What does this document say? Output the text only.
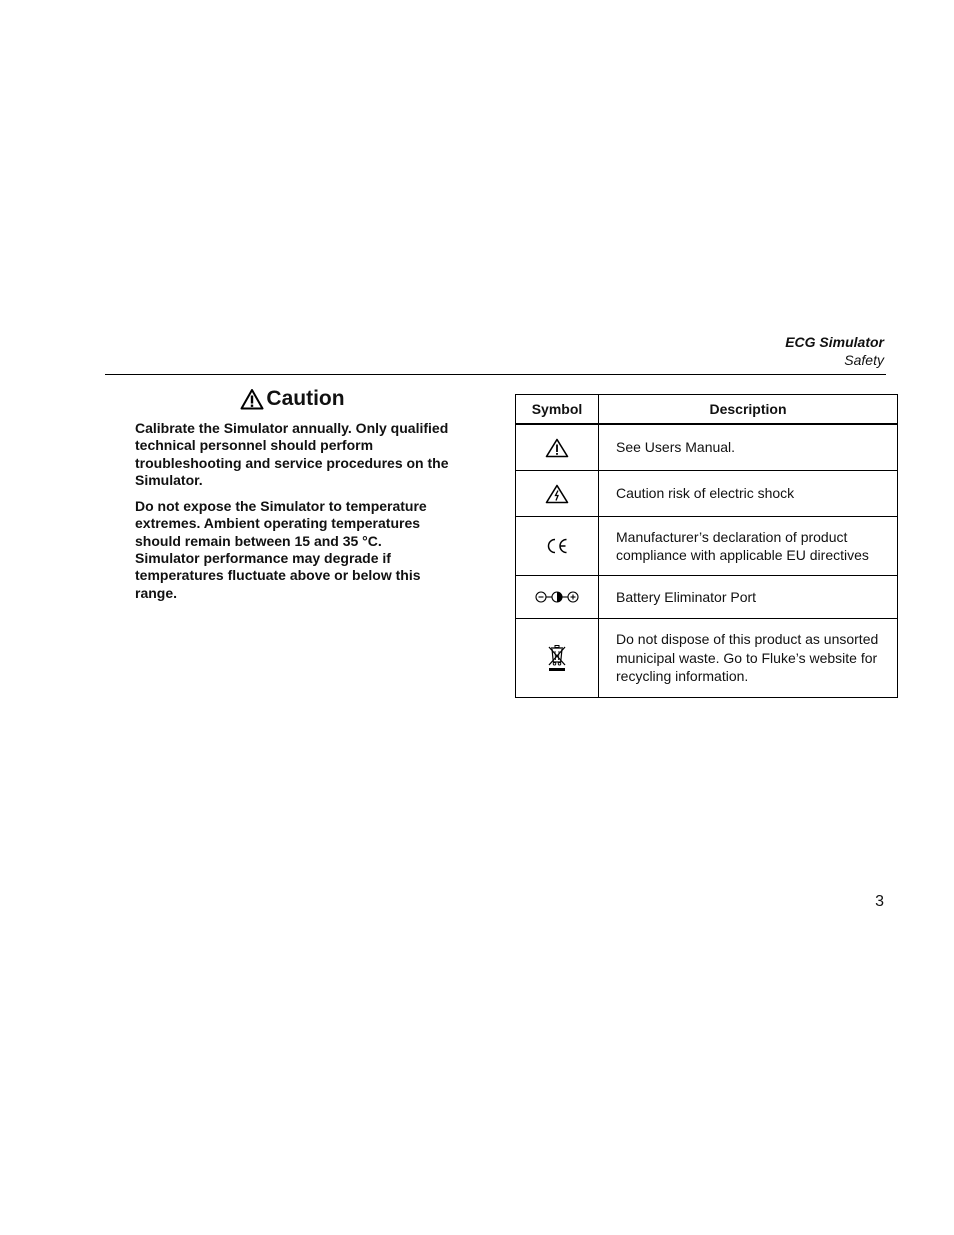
ECG Simulator
Safety
Caution

Calibrate the Simulator annually. Only qualified technical personnel should perform troubleshooting and service procedures on the Simulator.

Do not expose the Simulator to temperature extremes. Ambient operating temperatures should remain between 15 and 35 °C. Simulator performance may degrade if temperatures fluctuate above or below this range.

Symbol	Description

	See Users Manual.

	Caution risk of electric shock

	Manufacturer’s declaration of product compliance with applicable EU directives

	Battery Eliminator Port

	Do not dispose of this product as unsorted municipal waste. Go to Fluke’s website for recycling information.
3
